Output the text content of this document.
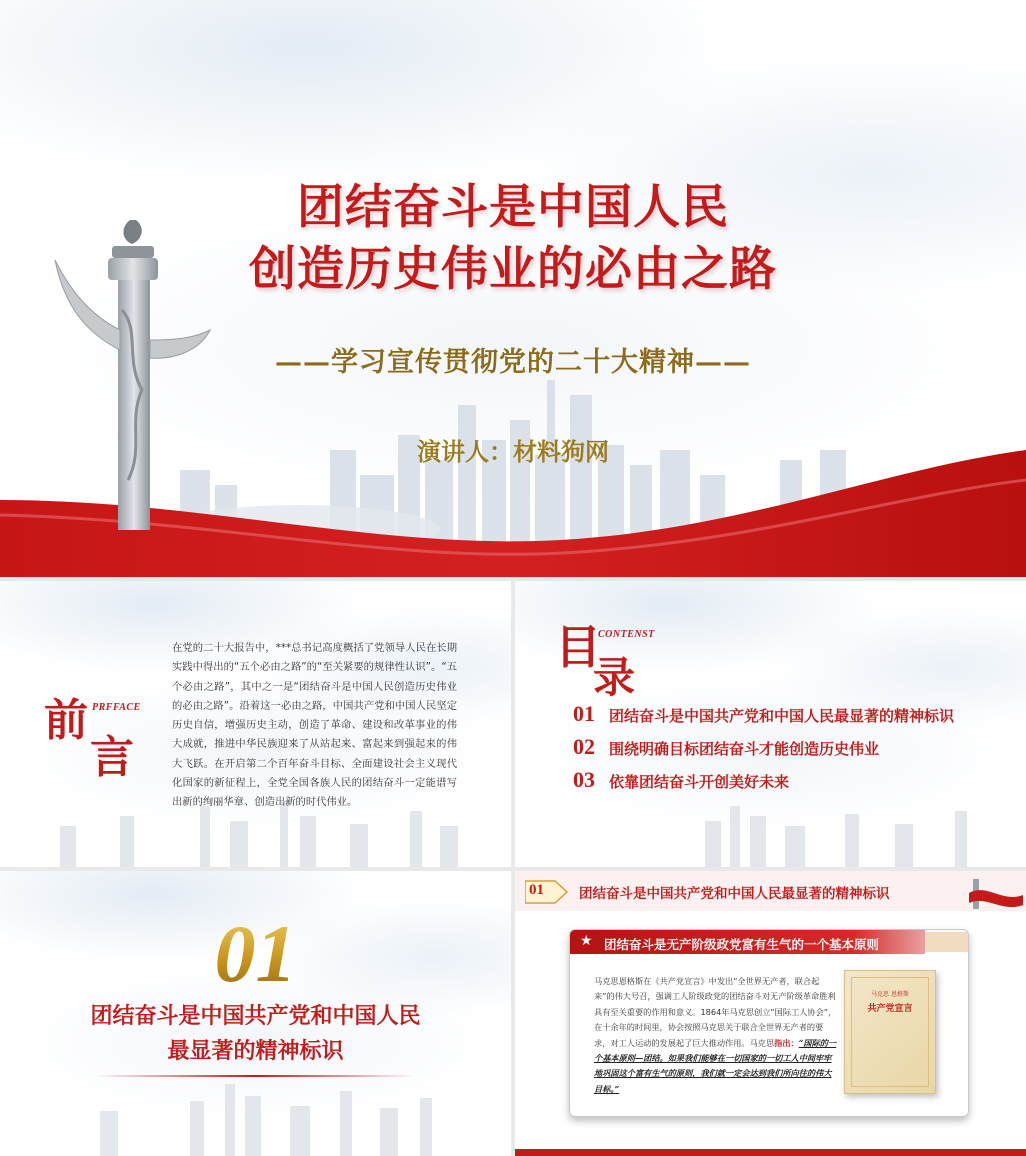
团结奋斗是中国人民
创造历史伟业的必由之路
——学习宣传贯彻党的二十大精神——
演讲人：材料狗网
前
言
PRFFACE
在党的二十大报告中，***总书记高度概括了党领导人民在长期实践中得出的“五个必由之路”的“至关紧要的规律性认识”。“五个必由之路”，其中之一是“团结奋斗是中国人民创造历史伟业的必由之路”。沿着这一必由之路，中国共产党和中国人民坚定历史自信，增强历史主动，创造了革命、建设和改革事业的伟大成就，推进中华民族迎来了从站起来、富起来到强起来的伟大飞跃。在开启第二个百年奋斗目标、全面建设社会主义现代化国家的新征程上，全党全国各族人民的团结奋斗一定能谱写出新的绚丽华章、创造出新的时代伟业。
目
录
CONTENST
01 团结奋斗是中国共产党和中国人民最显著的精神标识
02 围绕明确目标团结奋斗才能创造历史伟业
03 依靠团结奋斗开创美好未来
01
团结奋斗是中国共产党和中国人民
最显著的精神标识
01	团结奋斗是中国共产党和中国人民最显著的精神标识
★ 团结奋斗是无产阶级政党富有生气的一个基本原则
马克思恩格斯在《共产党宣言》中发出“全世界无产者，联合起来”的伟大号召，强调工人阶级政党的团结奋斗对无产阶级革命胜利具有至关重要的作用和意义。1864年马克思创立“国际工人协会”，在十余年的时间里，协会按照马克思关于联合全世界无产者的要求，对工人运动的发展起了巨大推动作用。马克思指出：“国际的一个基本原则—团结。如果我们能够在一切国家的一切工人中间牢牢地巩固这个富有生气的原则，我们就一定会达到我们所向往的伟大目标。”
马克思 恩格斯
共产党宣言
